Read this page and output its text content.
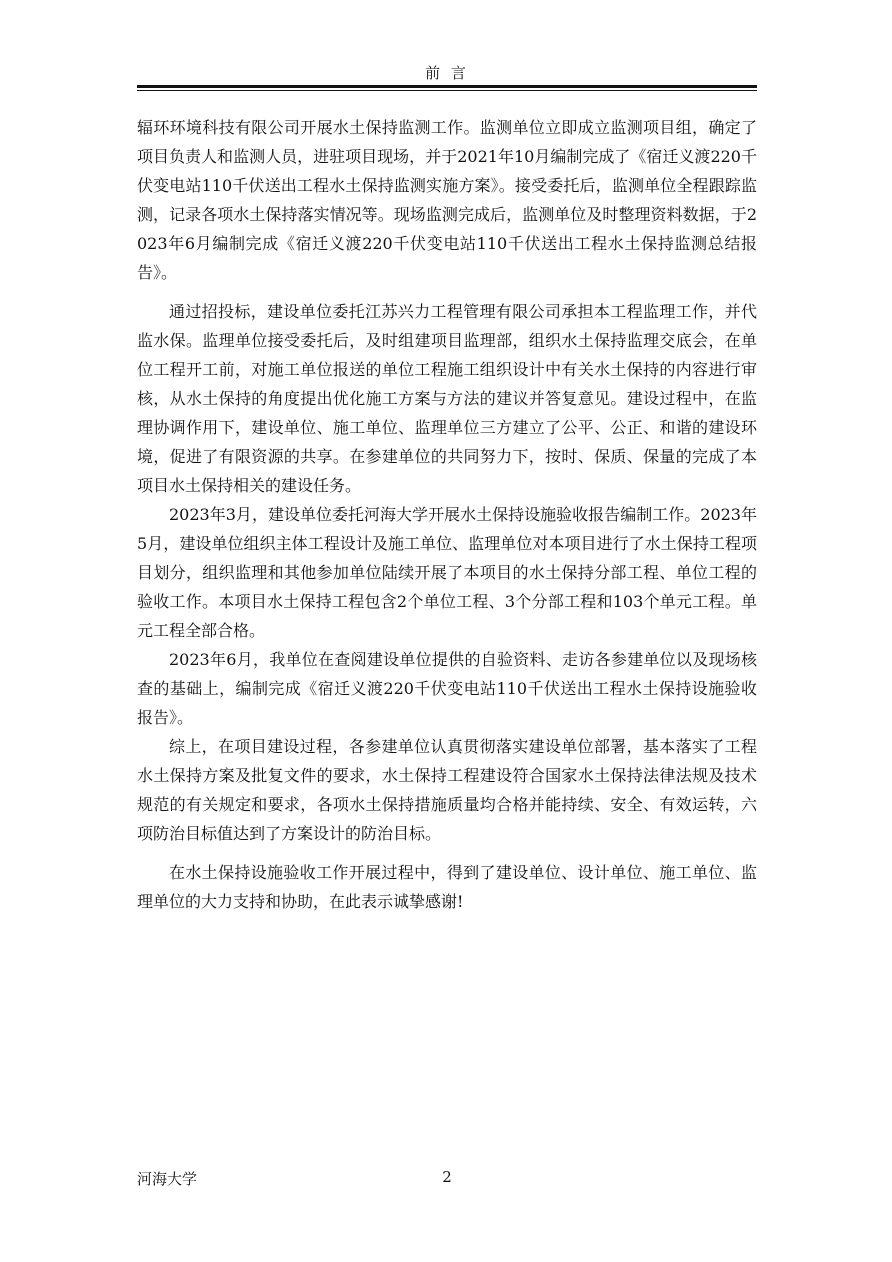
前 言

辐环环境科技有限公司开展水土保持监测工作。监测单位立即成立监测项目组，确定了项目负责人和监测人员，进驻项目现场，并于2021年10月编制完成了《宿迁义渡220千伏变电站110千伏送出工程水土保持监测实施方案》。接受委托后，监测单位全程跟踪监测，记录各项水土保持落实情况等。现场监测完成后，监测单位及时整理资料数据，于2023年6月编制完成《宿迁义渡220千伏变电站110千伏送出工程水土保持监测总结报告》。

通过招投标，建设单位委托江苏兴力工程管理有限公司承担本工程监理工作，并代监水保。监理单位接受委托后，及时组建项目监理部，组织水土保持监理交底会，在单位工程开工前，对施工单位报送的单位工程施工组织设计中有关水土保持的内容进行审核，从水土保持的角度提出优化施工方案与方法的建议并答复意见。建设过程中，在监理协调作用下，建设单位、施工单位、监理单位三方建立了公平、公正、和谐的建设环境，促进了有限资源的共享。在参建单位的共同努力下，按时、保质、保量的完成了本项目水土保持相关的建设任务。

2023年3月，建设单位委托河海大学开展水土保持设施验收报告编制工作。2023年5月，建设单位组织主体工程设计及施工单位、监理单位对本项目进行了水土保持工程项目划分，组织监理和其他参加单位陆续开展了本项目的水土保持分部工程、单位工程的验收工作。本项目水土保持工程包含2个单位工程、3个分部工程和103个单元工程。单元工程全部合格。

2023年6月，我单位在查阅建设单位提供的自验资料、走访各参建单位以及现场核查的基础上，编制完成《宿迁义渡220千伏变电站110千伏送出工程水土保持设施验收报告》。

综上，在项目建设过程，各参建单位认真贯彻落实建设单位部署，基本落实了工程水土保持方案及批复文件的要求，水土保持工程建设符合国家水土保持法律法规及技术规范的有关规定和要求，各项水土保持措施质量均合格并能持续、安全、有效运转，六项防治目标值达到了方案设计的防治目标。

在水土保持设施验收工作开展过程中，得到了建设单位、设计单位、施工单位、监理单位的大力支持和协助，在此表示诚挚感谢!

河海大学	2
